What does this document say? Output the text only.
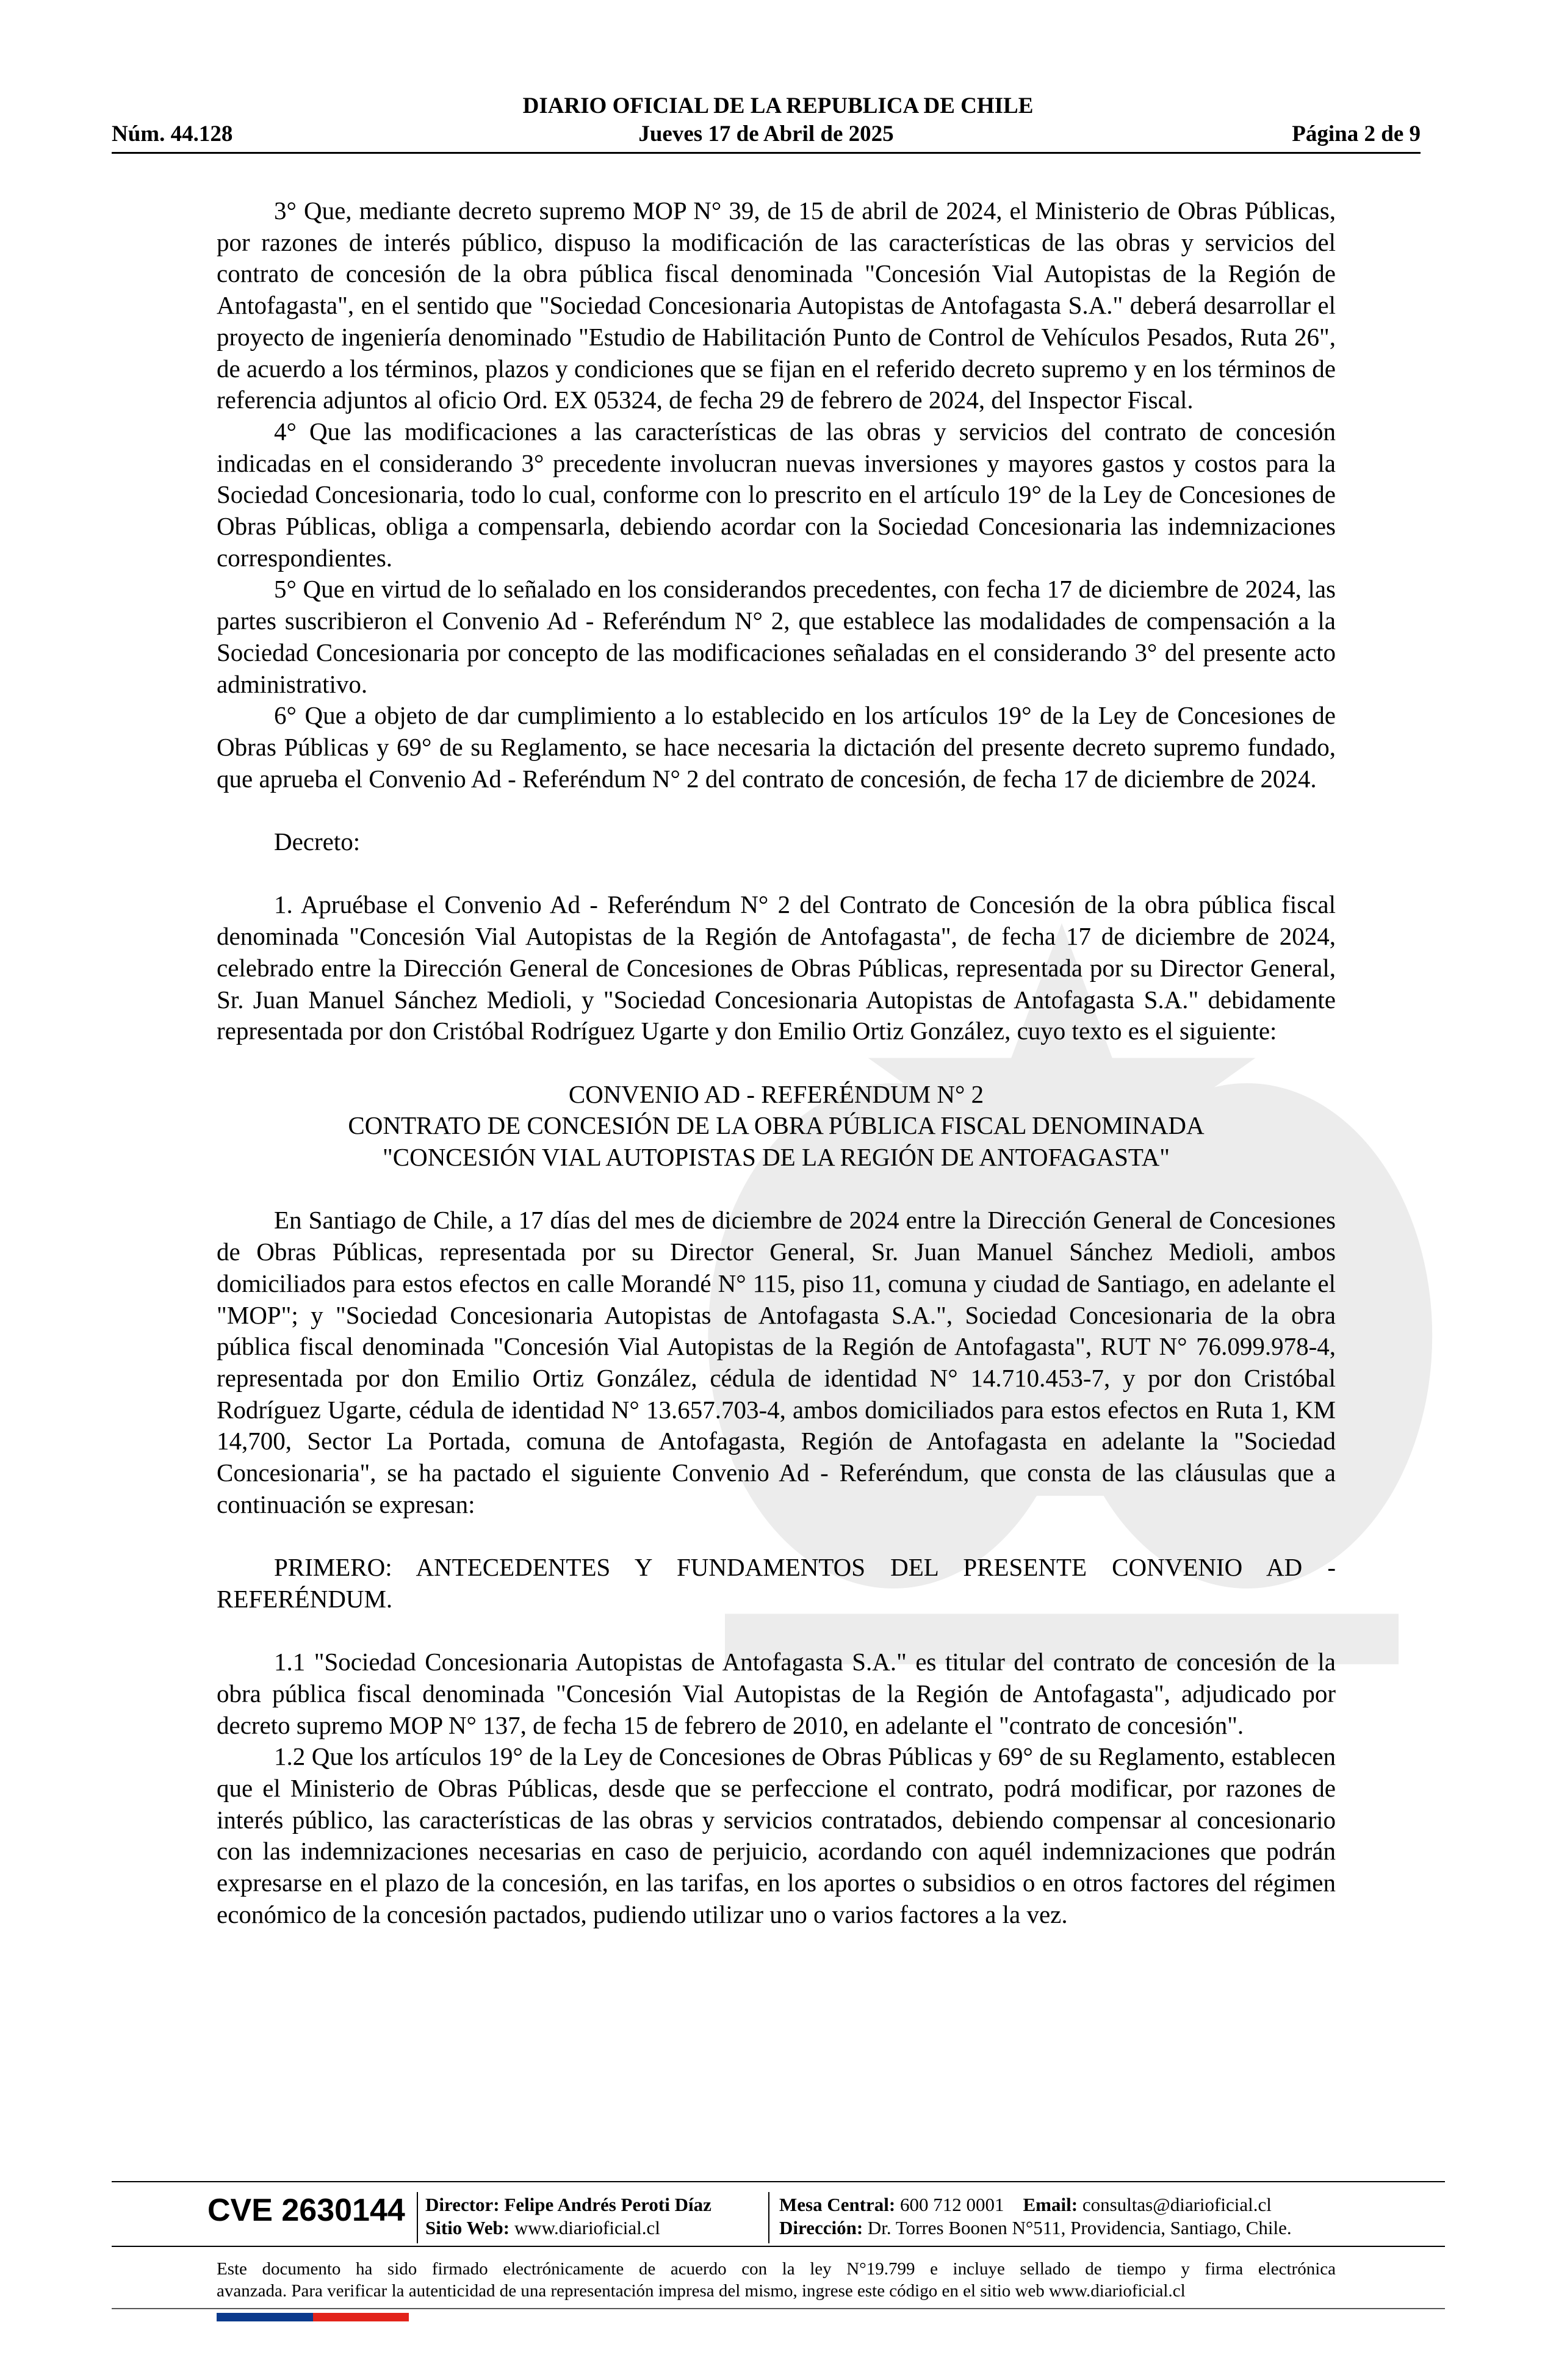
DIARIO OFICIAL DE LA REPUBLICA DE CHILE
Núm. 44.128	Jueves 17 de Abril de 2025	Página 2 de 9

3° Que, mediante decreto supremo MOP N° 39, de 15 de abril de 2024, el Ministerio de Obras Públicas, por razones de interés público, dispuso la modificación de las características de las obras y servicios del contrato de concesión de la obra pública fiscal denominada "Concesión Vial Autopistas de la Región de Antofagasta", en el sentido que "Sociedad Concesionaria Autopistas de Antofagasta S.A." deberá desarrollar el proyecto de ingeniería denominado "Estudio de Habilitación Punto de Control de Vehículos Pesados, Ruta 26", de acuerdo a los términos, plazos y condiciones que se fijan en el referido decreto supremo y en los términos de referencia adjuntos al oficio Ord. EX 05324, de fecha 29 de febrero de 2024, del Inspector Fiscal.

4° Que las modificaciones a las características de las obras y servicios del contrato de concesión indicadas en el considerando 3° precedente involucran nuevas inversiones y mayores gastos y costos para la Sociedad Concesionaria, todo lo cual, conforme con lo prescrito en el artículo 19° de la Ley de Concesiones de Obras Públicas, obliga a compensarla, debiendo acordar con la Sociedad Concesionaria las indemnizaciones correspondientes.

5° Que en virtud de lo señalado en los considerandos precedentes, con fecha 17 de diciembre de 2024, las partes suscribieron el Convenio Ad - Referéndum N° 2, que establece las modalidades de compensación a la Sociedad Concesionaria por concepto de las modificaciones señaladas en el considerando 3° del presente acto administrativo.

6° Que a objeto de dar cumplimiento a lo establecido en los artículos 19° de la Ley de Concesiones de Obras Públicas y 69° de su Reglamento, se hace necesaria la dictación del presente decreto supremo fundado, que aprueba el Convenio Ad - Referéndum N° 2 del contrato de concesión, de fecha 17 de diciembre de 2024.

Decreto:

1. Apruébase el Convenio Ad - Referéndum N° 2 del Contrato de Concesión de la obra pública fiscal denominada "Concesión Vial Autopistas de la Región de Antofagasta", de fecha 17 de diciembre de 2024, celebrado entre la Dirección General de Concesiones de Obras Públicas, representada por su Director General, Sr. Juan Manuel Sánchez Medioli, y "Sociedad Concesionaria Autopistas de Antofagasta S.A." debidamente representada por don Cristóbal Rodríguez Ugarte y don Emilio Ortiz González, cuyo texto es el siguiente:

CONVENIO AD - REFERÉNDUM N° 2
CONTRATO DE CONCESIÓN DE LA OBRA PÚBLICA FISCAL DENOMINADA
"CONCESIÓN VIAL AUTOPISTAS DE LA REGIÓN DE ANTOFAGASTA"

En Santiago de Chile, a 17 días del mes de diciembre de 2024 entre la Dirección General de Concesiones de Obras Públicas, representada por su Director General, Sr. Juan Manuel Sánchez Medioli, ambos domiciliados para estos efectos en calle Morandé N° 115, piso 11, comuna y ciudad de Santiago, en adelante el "MOP"; y "Sociedad Concesionaria Autopistas de Antofagasta S.A.", Sociedad Concesionaria de la obra pública fiscal denominada "Concesión Vial Autopistas de la Región de Antofagasta", RUT N° 76.099.978-4, representada por don Emilio Ortiz González, cédula de identidad N° 14.710.453-7, y por don Cristóbal Rodríguez Ugarte, cédula de identidad N° 13.657.703-4, ambos domiciliados para estos efectos en Ruta 1, KM 14,700, Sector La Portada, comuna de Antofagasta, Región de Antofagasta en adelante la "Sociedad Concesionaria", se ha pactado el siguiente Convenio Ad - Referéndum, que consta de las cláusulas que a continuación se expresan:

PRIMERO: ANTECEDENTES Y FUNDAMENTOS DEL PRESENTE CONVENIO AD - REFERÉNDUM.

1.1 "Sociedad Concesionaria Autopistas de Antofagasta S.A." es titular del contrato de concesión de la obra pública fiscal denominada "Concesión Vial Autopistas de la Región de Antofagasta", adjudicado por decreto supremo MOP N° 137, de fecha 15 de febrero de 2010, en adelante el "contrato de concesión".

1.2 Que los artículos 19° de la Ley de Concesiones de Obras Públicas y 69° de su Reglamento, establecen que el Ministerio de Obras Públicas, desde que se perfeccione el contrato, podrá modificar, por razones de interés público, las características de las obras y servicios contratados, debiendo compensar al concesionario con las indemnizaciones necesarias en caso de perjuicio, acordando con aquél indemnizaciones que podrán expresarse en el plazo de la concesión, en las tarifas, en los aportes o subsidios o en otros factores del régimen económico de la concesión pactados, pudiendo utilizar uno o varios factores a la vez.

CVE 2630144 Director: Felipe Andrés Peroti Díaz
Sitio Web: www.diarioficial.cl
Mesa Central: 600 712 0001 Email: consultas@diarioficial.cl
Dirección: Dr. Torres Boonen N°511, Providencia, Santiago, Chile.
Este documento ha sido firmado electrónicamente de acuerdo con la ley N°19.799 e incluye sellado de tiempo y firma electrónica
avanzada. Para verificar la autenticidad de una representación impresa del mismo, ingrese este código en el sitio web www.diarioficial.cl
